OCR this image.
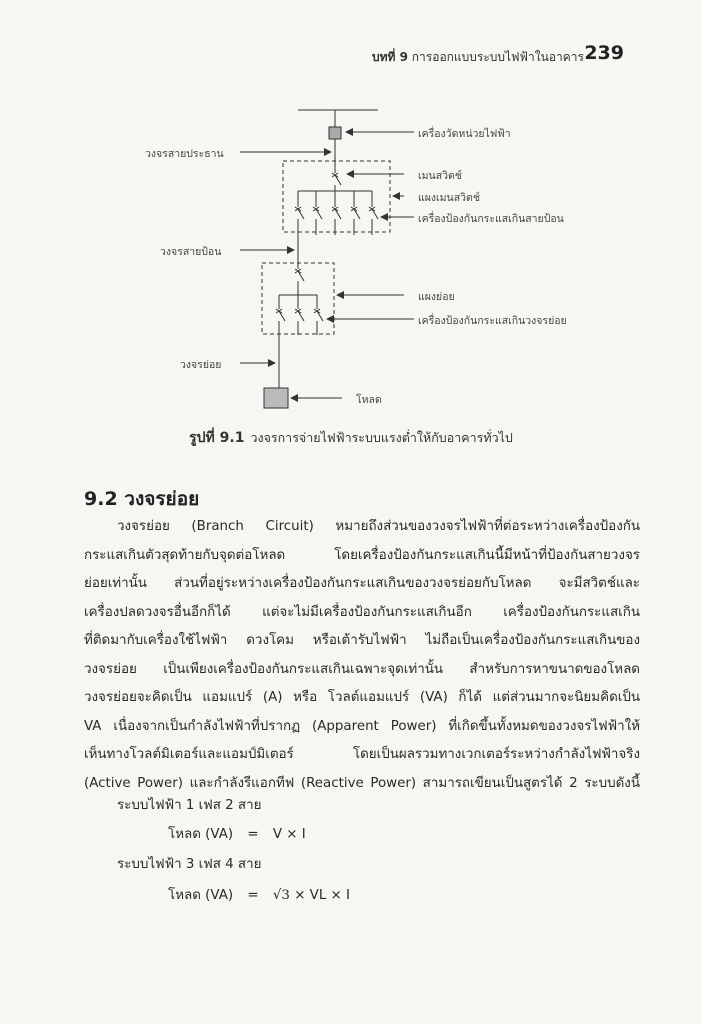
บทที่ 9 การออกแบบระบบไฟฟ้าในอาคาร 239
เครื่องวัดหน่วยไฟฟ้า
เมนสวิตช์
แผงเมนสวิตช์
เครื่องป้องกันกระแสเกินสายป้อน
แผงย่อย
เครื่องป้องกันกระแสเกินวงจรย่อย
โหลด
วงจรสายประธาน
วงจรสายป้อน
วงจรย่อย
รูปที่ 9.1 วงจรการจ่ายไฟฟ้าระบบแรงต่ำให้กับอาคารทั่วไป
9.2 วงจรย่อย
วงจรย่อย (Branch Circuit) หมายถึงส่วนของวงจรไฟฟ้าที่ต่อระหว่างเครื่องป้องกัน
กระแสเกินตัวสุดท้ายกับจุดต่อโหลด โดยเครื่องป้องกันกระแสเกินนี้มีหน้าที่ป้องกันสายวงจร
ย่อยเท่านั้น ส่วนที่อยู่ระหว่างเครื่องป้องกันกระแสเกินของวงจรย่อยกับโหลด จะมีสวิตช์และ
เครื่องปลดวงจรอื่นอีกก็ได้ แต่จะไม่มีเครื่องป้องกันกระแสเกินอีก เครื่องป้องกันกระแสเกิน
ที่ติดมากับเครื่องใช้ไฟฟ้า ดวงโคม หรือเต้ารับไฟฟ้า ไม่ถือเป็นเครื่องป้องกันกระแสเกินของ
วงจรย่อย เป็นเพียงเครื่องป้องกันกระแสเกินเฉพาะจุดเท่านั้น สำหรับการหาขนาดของโหลด
วงจรย่อยจะคิดเป็น แอมแปร์ (A) หรือ โวลต์แอมแปร์ (VA) ก็ได้ แต่ส่วนมากจะนิยมคิดเป็น
VA เนื่องจากเป็นกำลังไฟฟ้าที่ปรากฏ (Apparent Power) ที่เกิดขึ้นทั้งหมดของวงจรไฟฟ้าให้
เห็นทางโวลต์มิเตอร์และแอมป์มิเตอร์ โดยเป็นผลรวมทางเวกเตอร์ระหว่างกำลังไฟฟ้าจริง
(Active Power) และกำลังรีแอกทีฟ (Reactive Power) สามารถเขียนเป็นสูตรได้ 2 ระบบดังนี้
ระบบไฟฟ้า 1 เฟส 2 สาย
โหลด (VA) = V × I
ระบบไฟฟ้า 3 เฟส 4 สาย
โหลด (VA) = √3 × VL × I
